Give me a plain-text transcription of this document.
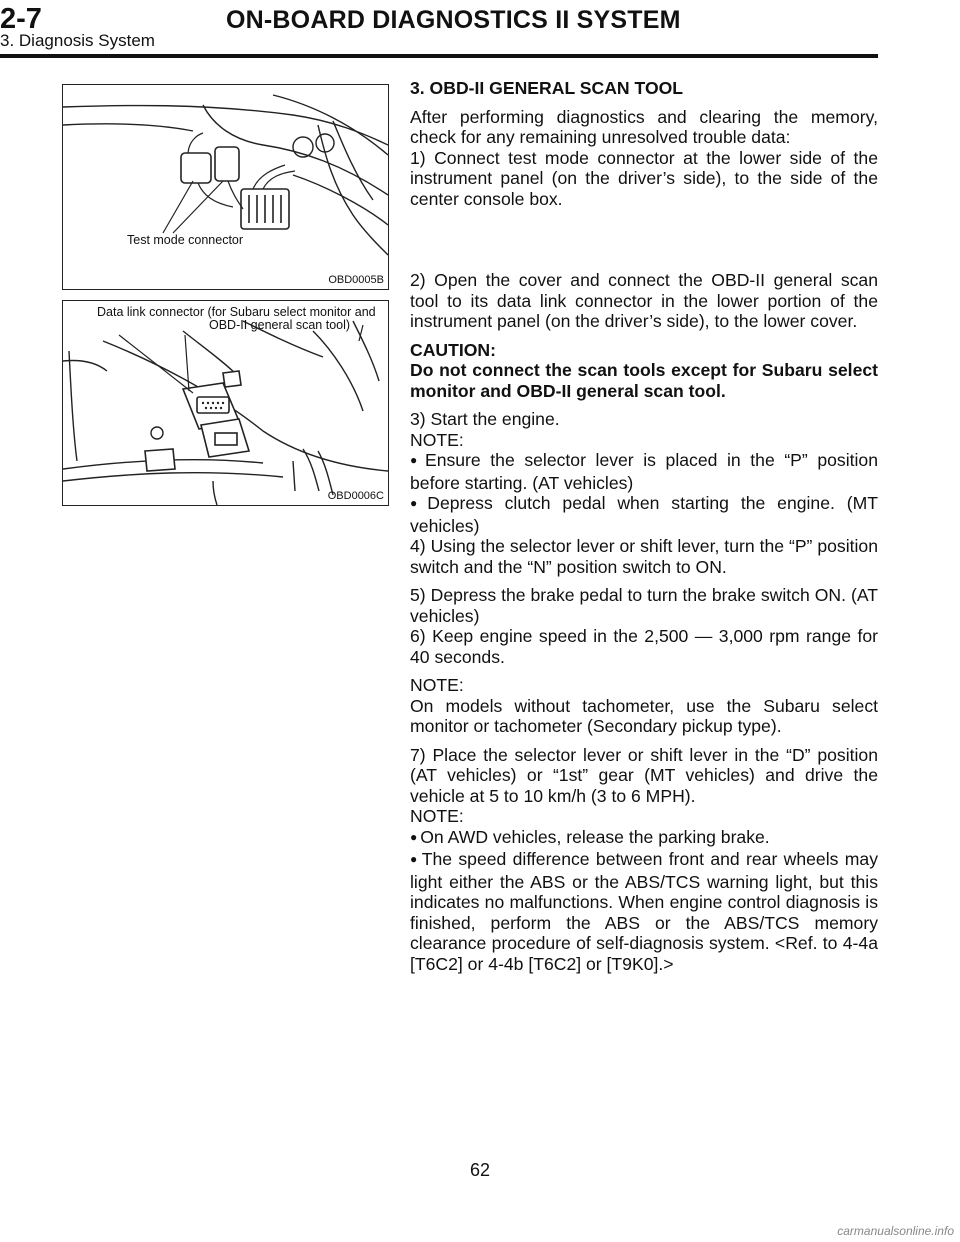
2-7	ON-BOARD DIAGNOSTICS II SYSTEM
3. Diagnosis System
Test mode connector
OBD0005B
Data link connector (for Subaru select monitor and
OBD-II general scan tool)
OBD0006C

3. OBD-II GENERAL SCAN TOOL

After performing diagnostics and clearing the memory, check for any remaining unresolved trouble data:

1) Connect test mode connector at the lower side of the instrument panel (on the driver’s side), to the side of the center console box.

2) Open the cover and connect the OBD-II general scan tool to its data link connector in the lower portion of the instrument panel (on the driver’s side), to the lower cover.

CAUTION:

Do not connect the scan tools except for Subaru select monitor and OBD-II general scan tool.

3) Start the engine.

NOTE:

● Ensure the selector lever is placed in the “P” position before starting. (AT vehicles)

● Depress clutch pedal when starting the engine. (MT vehicles)

4) Using the selector lever or shift lever, turn the “P” position switch and the “N” position switch to ON.

5) Depress the brake pedal to turn the brake switch ON. (AT vehicles)

6) Keep engine speed in the 2,500 — 3,000 rpm range for 40 seconds.

NOTE:

On models without tachometer, use the Subaru select monitor or tachometer (Secondary pickup type).

7) Place the selector lever or shift lever in the “D” position (AT vehicles) or “1st” gear (MT vehicles) and drive the vehicle at 5 to 10 km/h (3 to 6 MPH).

NOTE:

● On AWD vehicles, release the parking brake.

● The speed difference between front and rear wheels may light either the ABS or the ABS/TCS warning light, but this indicates no malfunctions. When engine control diagnosis is finished, perform the ABS or the ABS/TCS memory clearance procedure of self-diagnosis system. <Ref. to 4-4a [T6C2] or 4-4b [T6C2] or [T9K0].>

62
carmanualsonline.info
